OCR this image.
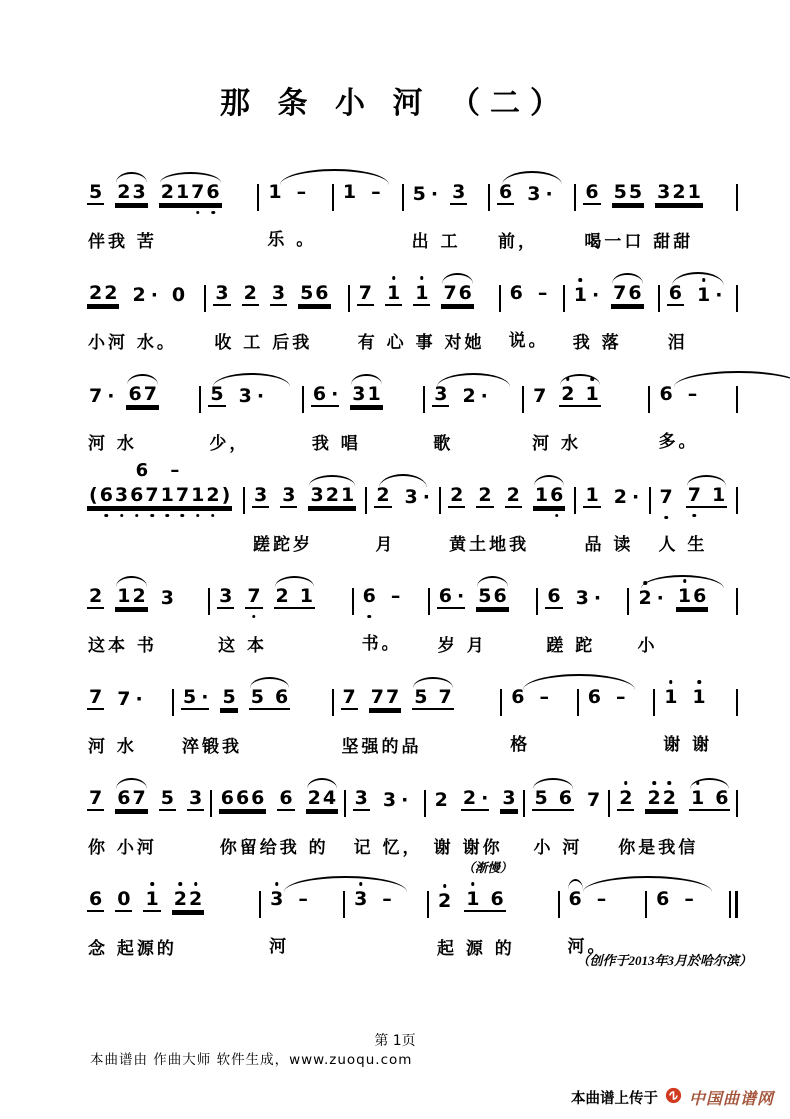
那 条 小 河 （二）
5 2 3 2 1 7 6
伴我 苦
1 –
乐 。
1 – 5 · 3
出 工
6 3 ·
前，
6 5 5 3 2 1
喝一口 甜甜
2 2 2 · 0
小河 水。
3 2 3 5 6
收 工 后我
7 1 1 7 6
有 心 事 对她
6 –
说。
1 · 7 6
我 落
6 1 ·
泪
7 · 6 7
河 水
5 3 ·
少，
6 · 3 1
我 唱
3 2 ·
歌
7 2 1
河 水
6 –
多。
6 –
( 6 3 6 7 1 7 1 2 ) 3 3 3 2 1
蹉跎岁
2 3 ·
月
2 2 2 1 6
黄土地我
1 2 ·
品 读
7 7 1
人 生
2 1 2 3
这本 书
3 7 2 1
这 本
6 –
书。
6 · 5 6
岁 月
6 3 ·
蹉 跎
2 · 1 6
小
7 7 ·
河 水
5 · 5 5 6
淬锻我
7 7 7 5 7
坚强的品
6 –
格
6 – 1 1
谢 谢
7 6 7 5 3
你 小河
6 6 6 6 2 4
你留给我 的
3 3 ·
记 忆，
2 2 · 3
谢 谢你
5 6 7
小 河
2 2 2 1 6
你是我信
6 0 1 2 2
念 起源的
3 –
河
3 –
（渐慢）
2 1 6
起 源 的
6 –
河。
6 –
（创作于2013年3月於哈尔滨）
第 1页
本曲谱由 作曲大师 软件生成，www.zuoqu.com
本曲谱上传于 中国曲谱网
